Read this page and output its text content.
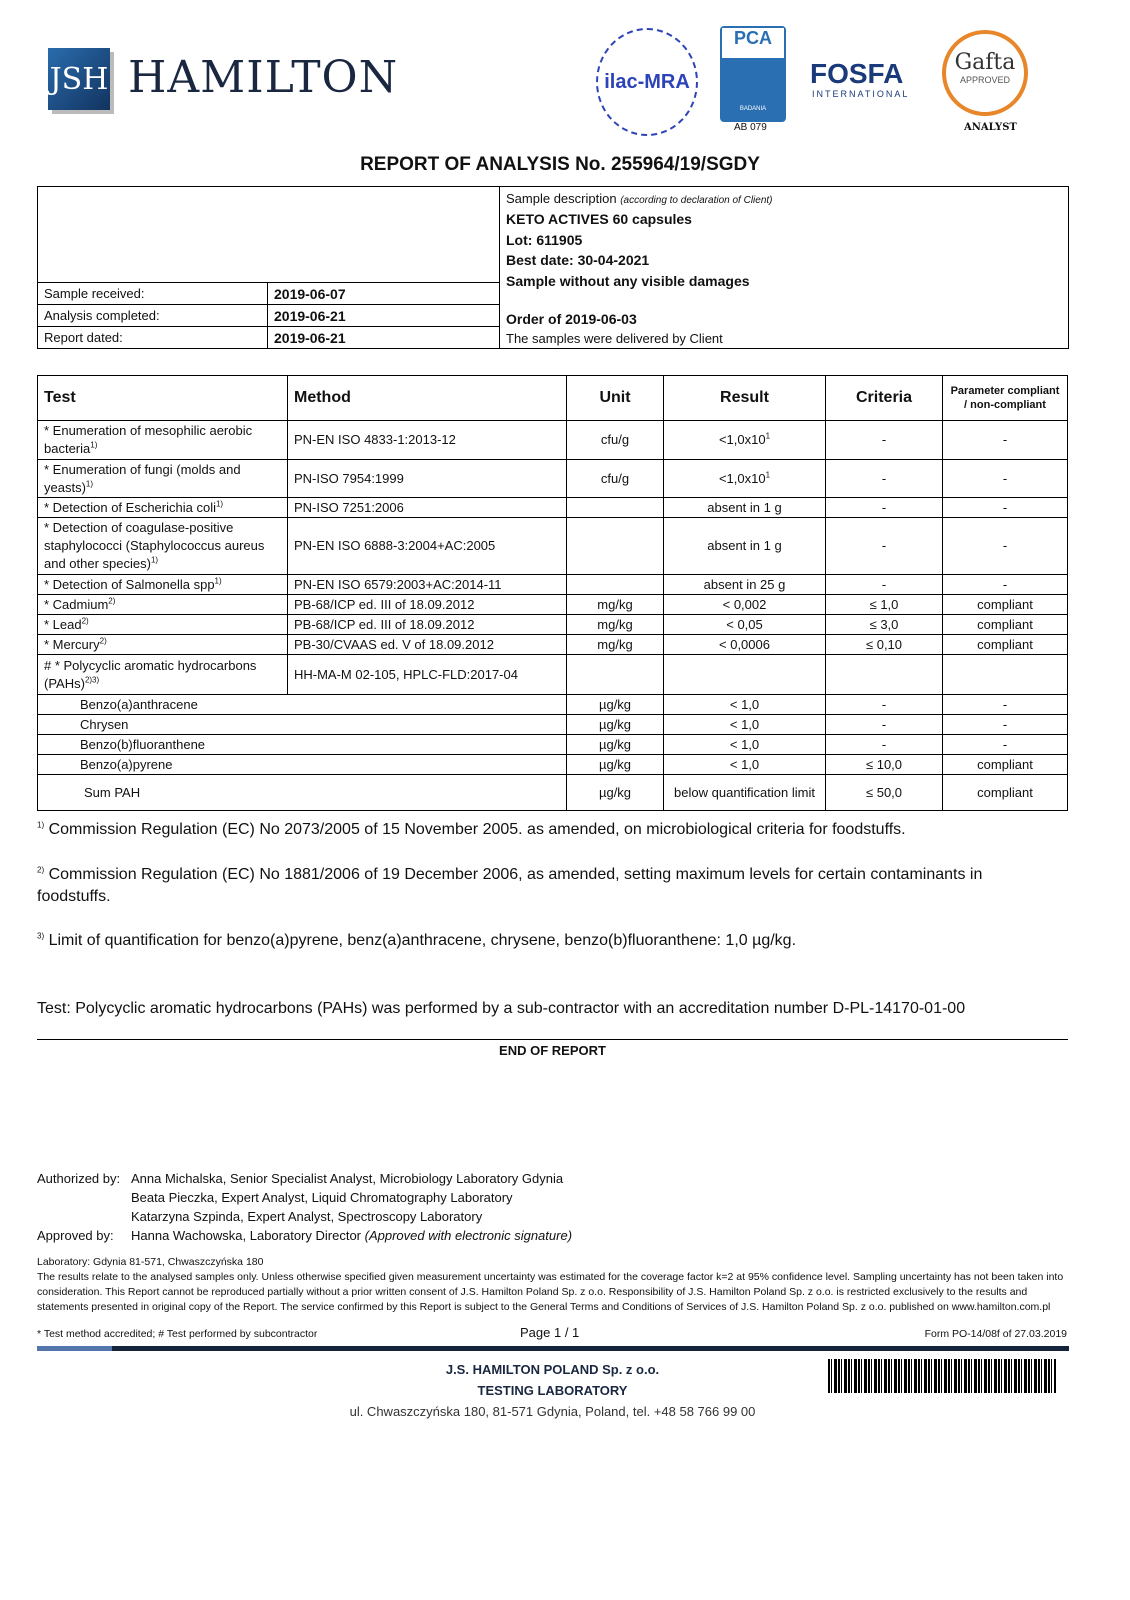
JSH HAMILTON	ilac-MRA
PCA
BADANIA
AB 079
FOSFA
INTERNATIONAL
Gafta
APPROVED
ANALYST
REPORT OF ANALYSIS No. 255964/19/SGDY
Sample received:	2019-06-07
Analysis completed:	2019-06-21
Report dated:	2019-06-21
Sample description (according to declaration of Client)
KETO ACTIVES 60 capsules
Lot: 611905
Best date: 30-04-2021
Sample without any visible damages
Order of 2019-06-03
The samples were delivered by Client
Test	Method	Unit	Result	Criteria	Parameter compliant / non-compliant
* Enumeration of mesophilic aerobic bacteria$^{1)}$	PN-EN ISO 4833-1:2013-12	cfu/g	$<1,0x10^1$	-	-
* Enumeration of fungi (molds and yeasts)$^{1)}$	PN-ISO 7954:1999	cfu/g	$<1,0x10^1$	-	-
* Detection of Escherichia coli$^{1)}$	PN-ISO 7251:2006		absent in 1 g	-	-
* Detection of coagulase-positive staphylococci (Staphylococcus aureus and other species)$^{1)}$	PN-EN ISO 6888-3:2004+AC:2005		absent in 1 g	-	-
* Detection of Salmonella spp$^{1)}$	PN-EN ISO 6579:2003+AC:2014-11		absent in 25 g	-	-
* Cadmium$^{2)}$	PB-68/ICP ed. III of 18.09.2012	mg/kg	< 0,002	≤ 1,0	compliant
* Lead$^{2)}$	PB-68/ICP ed. III of 18.09.2012	mg/kg	< 0,05	≤ 3,0	compliant
* Mercury$^{2)}$	PB-30/CVAAS ed. V of 18.09.2012	mg/kg	< 0,0006	≤ 0,10	compliant
# * Polycyclic aromatic hydrocarbons (PAHs)$^{2)3)}$	HH-MA-M 02-105, HPLC-FLD:2017-04				
Benzo(a)anthracene		µg/kg	< 1,0	-	-
Chrysen		µg/kg	< 1,0	-	-
Benzo(b)fluoranthene		µg/kg	< 1,0	-	-
Benzo(a)pyrene		µg/kg	< 1,0	≤ 10,0	compliant
Sum PAH		µg/kg	below quantification limit	≤ 50,0	compliant
$^{1)}$ Commission Regulation (EC) No 2073/2005 of 15 November 2005. as amended, on microbiological criteria for foodstuffs.
$^{2)}$ Commission Regulation (EC) No 1881/2006 of 19 December 2006, as amended, setting maximum levels for certain contaminants in foodstuffs.
$^{3)}$ Limit of quantification for benzo(a)pyrene, benz(a)anthracene, chrysene, benzo(b)fluoranthene: 1,0 µg/kg.
Test: Polycyclic aromatic hydrocarbons (PAHs) was performed by a sub-contractor with an accreditation number D-PL-14170-01-00
END OF REPORT
Authorized by: Anna Michalska, Senior Specialist Analyst, Microbiology Laboratory Gdynia
Beata Pieczka, Expert Analyst, Liquid Chromatography Laboratory
Katarzyna Szpinda, Expert Analyst, Spectroscopy Laboratory
Approved by:	Hanna Wachowska, Laboratory Director (Approved with electronic signature)
Laboratory: Gdynia 81-571, Chwaszczyńska 180
The results relate to the analysed samples only. Unless otherwise specified given measurement uncertainty was estimated for the coverage factor k=2 at 95% confidence level. Sampling uncertainty has not been taken into consideration. This Report cannot be reproduced partially without a prior written consent of J.S. Hamilton Poland Sp. z o.o. Responsibility of J.S. Hamilton Poland Sp. z o.o. is restricted exclusively to the results and statements presented in original copy of the Report. The service confirmed by this Report is subject to the General Terms and Conditions of Services of J.S. Hamilton Poland Sp. z o.o. published on www.hamilton.com.pl
* Test method accredited; # Test performed by subcontractor	Page 1 / 1	Form PO-14/08f of 27.03.2019
J.S. HAMILTON POLAND Sp. z o.o.
TESTING LABORATORY
ul. Chwaszczyńska 180, 81-571 Gdynia, Poland, tel. +48 58 766 99 00
